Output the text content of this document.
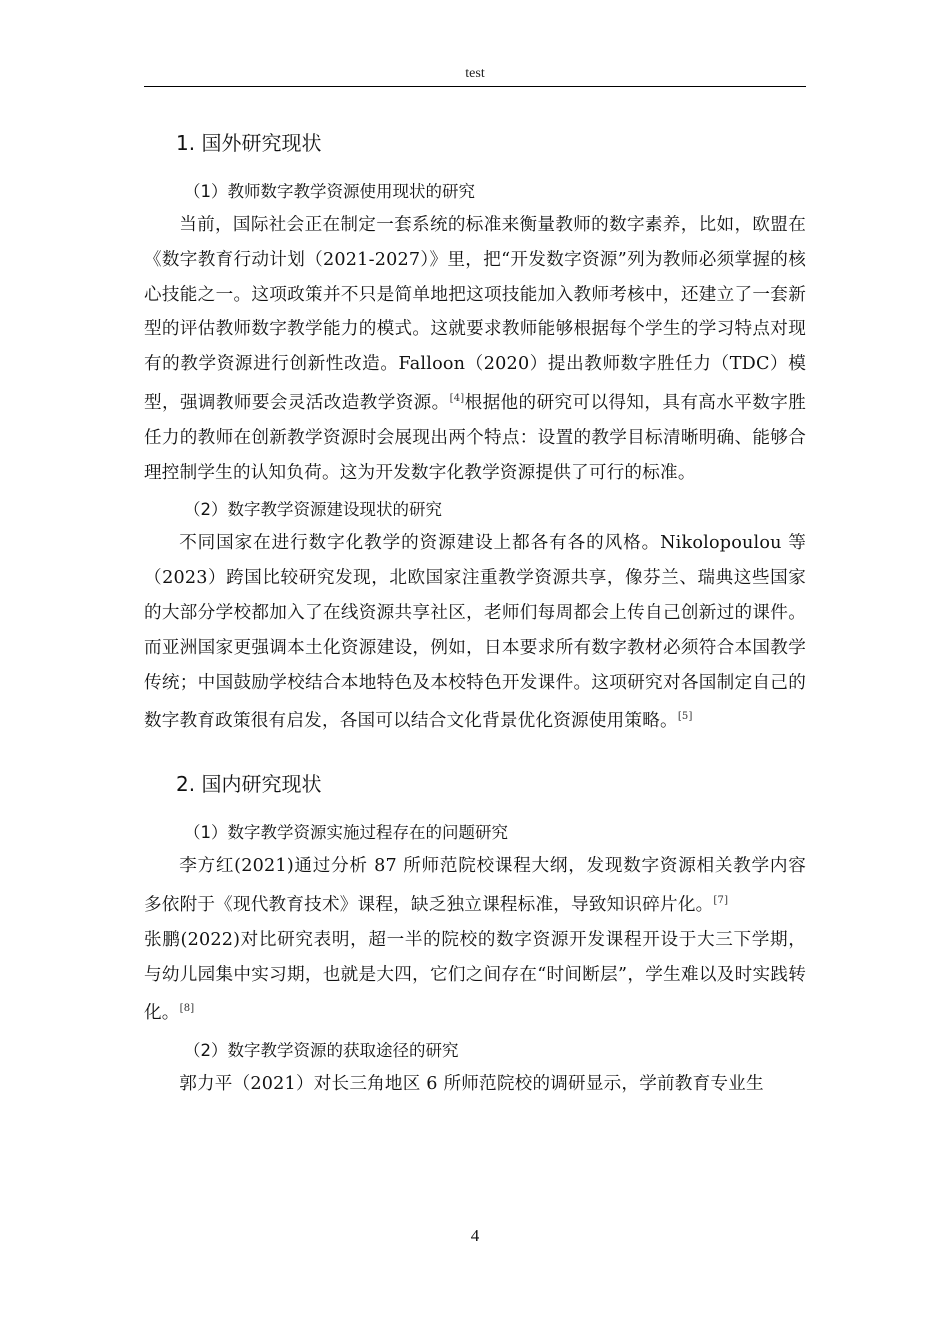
test
1. 国外研究现状
（1）教师数字教学资源使用现状的研究

当前，国际社会正在制定一套系统的标准来衡量教师的数字素养，比如，欧盟在《数字教育行动计划（2021-2027）》里，把“开发数字资源”列为教师必须掌握的核心技能之一。这项政策并不只是简单地把这项技能加入教师考核中，还建立了一套新型的评估教师数字教学能力的模式。这就要求教师能够根据每个学生的学习特点对现有的教学资源进行创新性改造。Falloon（2020）提出教师数字胜任力（TDC）模型，强调教师要会灵活改造教学资源。[4]根据他的研究可以得知，具有高水平数字胜任力的教师在创新教学资源时会展现出两个特点：设置的教学目标清晰明确、能够合理控制学生的认知负荷。这为开发数字化教学资源提供了可行的标准。

（2）数字教学资源建设现状的研究

不同国家在进行数字化教学的资源建设上都各有各的风格。Nikolopoulou 等（2023）跨国比较研究发现，北欧国家注重教学资源共享，像芬兰、瑞典这些国家的大部分学校都加入了在线资源共享社区，老师们每周都会上传自己创新过的课件。而亚洲国家更强调本土化资源建设，例如，日本要求所有数字教材必须符合本国教学传统；中国鼓励学校结合本地特色及本校特色开发课件。这项研究对各国制定自己的数字教育政策很有启发，各国可以结合文化背景优化资源使用策略。[5]

2. 国内研究现状
（1）数字教学资源实施过程存在的问题研究

李方红(2021)通过分析 87 所师范院校课程大纲，发现数字资源相关教学内容多依附于《现代教育技术》课程，缺乏独立课程标准，导致知识碎片化。[7]
张鹏(2022)对比研究表明，超一半的院校的数字资源开发课程开设于大三下学期，与幼儿园集中实习期，也就是大四，它们之间存在“时间断层”，学生难以及时实践转化。[8]

（2）数字教学资源的获取途径的研究

郭力平（2021）对长三角地区 6 所师范院校的调研显示，学前教育专业生

4
